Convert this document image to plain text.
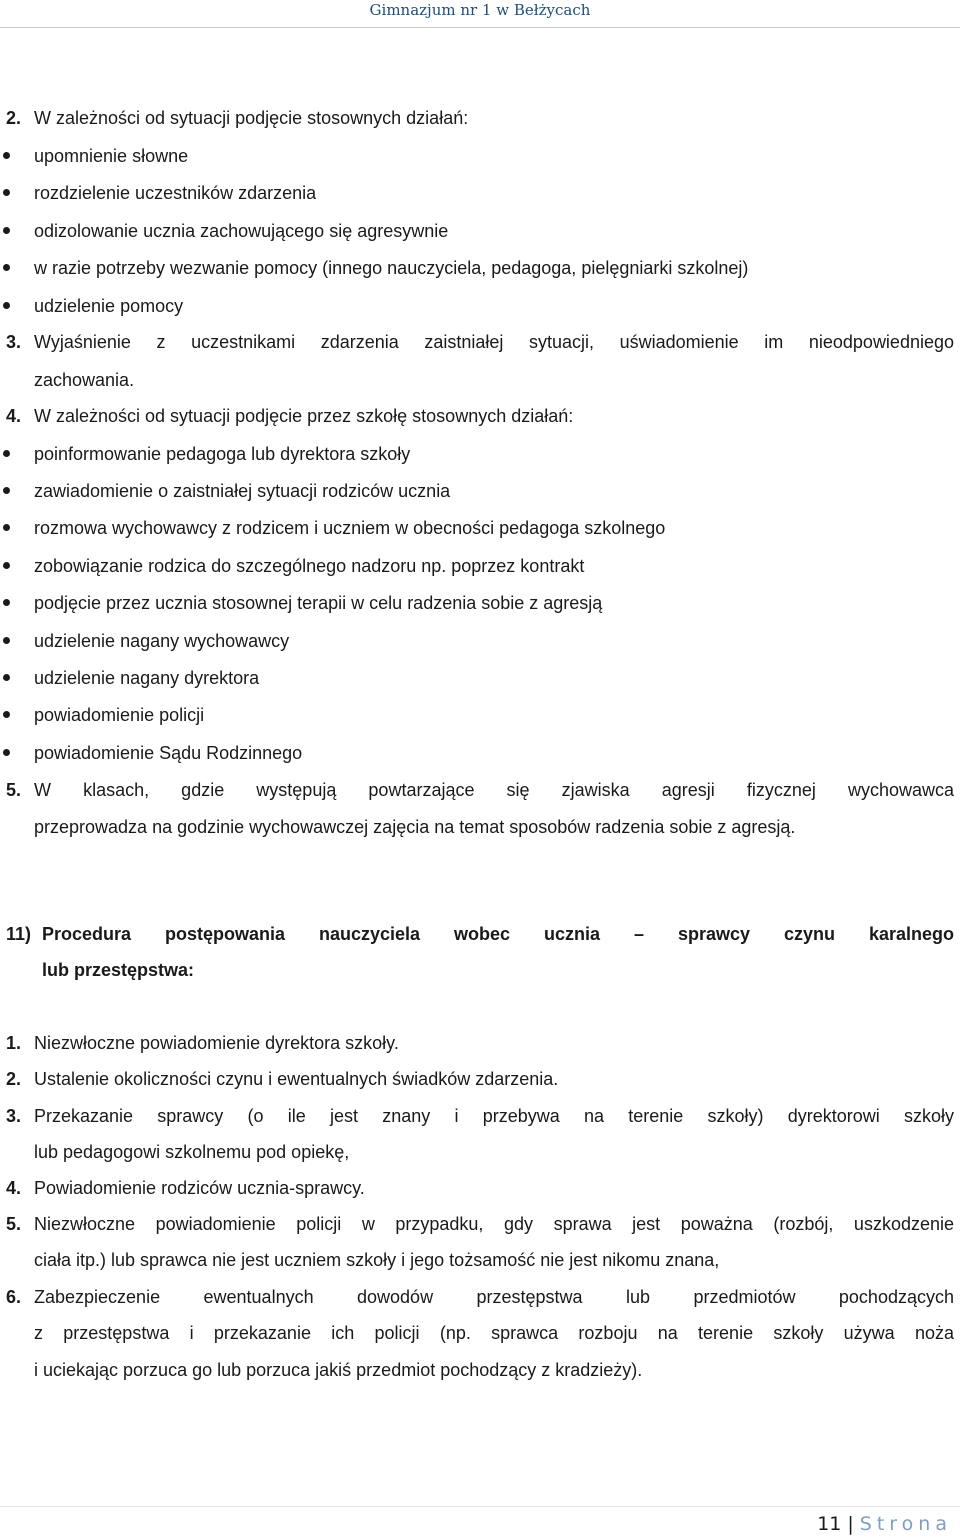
Gimnazjum nr 1 w Bełżycach
2. W zależności od sytuacji podjęcie stosownych działań:
upomnienie słowne
rozdzielenie uczestników zdarzenia
odizolowanie ucznia zachowującego się agresywnie
w razie potrzeby wezwanie pomocy (innego nauczyciela, pedagoga, pielęgniarki szkolnej)
udzielenie pomocy
3. Wyjaśnienie z uczestnikami zdarzenia zaistniałej sytuacji, uświadomienie im nieodpowiedniego
zachowania.
4. W zależności od sytuacji podjęcie przez szkołę stosownych działań:
poinformowanie pedagoga lub dyrektora szkoły
zawiadomienie o zaistniałej sytuacji rodziców ucznia
rozmowa wychowawcy z rodzicem i uczniem w obecności pedagoga szkolnego
zobowiązanie rodzica do szczególnego nadzoru np. poprzez kontrakt
podjęcie przez ucznia stosownej terapii w celu radzenia sobie z agresją
udzielenie nagany wychowawcy
udzielenie nagany dyrektora
powiadomienie policji
powiadomienie Sądu Rodzinnego
5. W klasach, gdzie występują powtarzające się zjawiska agresji fizycznej wychowawca
przeprowadza na godzinie wychowawczej zajęcia na temat sposobów radzenia sobie z agresją.
11) Procedura postępowania nauczyciela wobec ucznia – sprawcy czynu karalnego
lub przestępstwa:
1. Niezwłoczne powiadomienie dyrektora szkoły.
2. Ustalenie okoliczności czynu i ewentualnych świadków zdarzenia.
3. Przekazanie sprawcy (o ile jest znany i przebywa na terenie szkoły) dyrektorowi szkoły
lub pedagogowi szkolnemu pod opiekę,
4. Powiadomienie rodziców ucznia-sprawcy.
5. Niezwłoczne powiadomienie policji w przypadku, gdy sprawa jest poważna (rozbój, uszkodzenie
ciała itp.) lub sprawca nie jest uczniem szkoły i jego tożsamość nie jest nikomu znana,
6. Zabezpieczenie ewentualnych dowodów przestępstwa lub przedmiotów pochodzących
z przestępstwa i przekazanie ich policji (np. sprawca rozboju na terenie szkoły używa noża
i uciekając porzuca go lub porzuca jakiś przedmiot pochodzący z kradzieży).
11 | Strona
